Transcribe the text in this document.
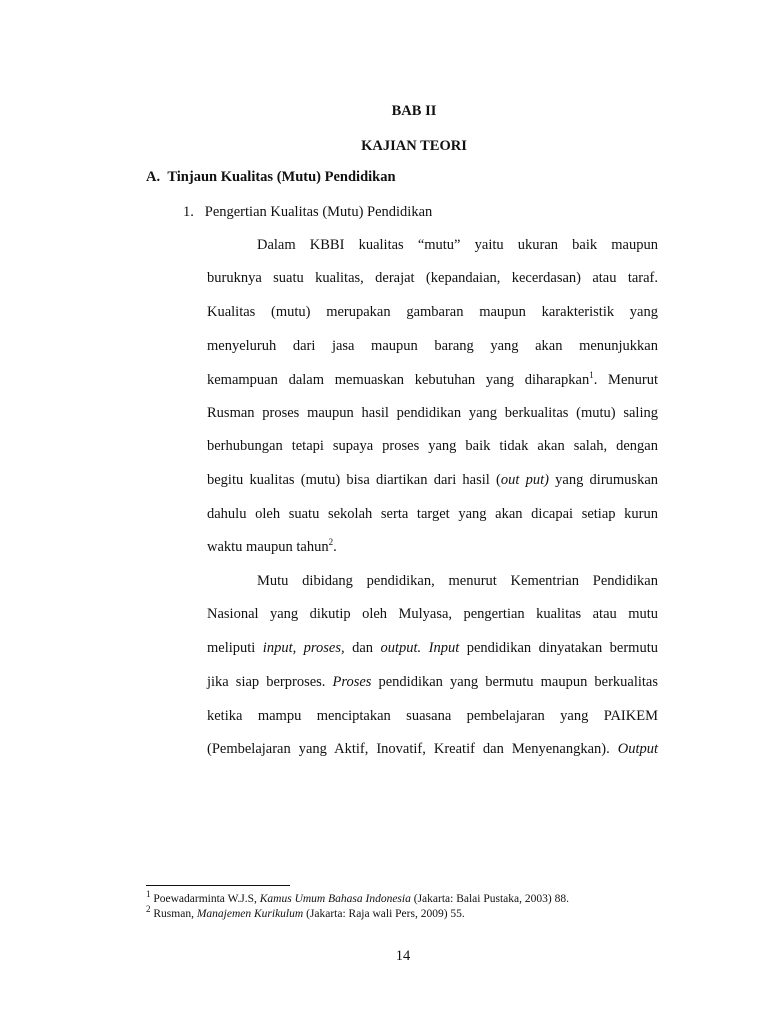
BAB II
KAJIAN TEORI
A. Tinjaun Kualitas (Mutu) Pendidikan
1. Pengertian Kualitas (Mutu) Pendidikan
Dalam KBBI kualitas “mutu” yaitu ukuran baik maupun
buruknya suatu kualitas, derajat (kepandaian, kecerdasan) atau taraf.
Kualitas (mutu) merupakan gambaran maupun karakteristik yang
menyeluruh dari jasa maupun barang yang akan menunjukkan
kemampuan dalam memuaskan kebutuhan yang diharapkan$^1$. Menurut
Rusman proses maupun hasil pendidikan yang berkualitas (mutu) saling
berhubungan tetapi supaya proses yang baik tidak akan salah, dengan
begitu kualitas (mutu) bisa diartikan dari hasil (out put) yang dirumuskan
dahulu oleh suatu sekolah serta target yang akan dicapai setiap kurun
waktu maupun tahun$^2$.
Mutu dibidang pendidikan, menurut Kementrian Pendidikan
Nasional yang dikutip oleh Mulyasa, pengertian kualitas atau mutu
meliputi input, proses, dan output. Input pendidikan dinyatakan bermutu
jika siap berproses. Proses pendidikan yang bermutu maupun berkualitas
ketika mampu menciptakan suasana pembelajaran yang PAIKEM
(Pembelajaran yang Aktif, Inovatif, Kreatif dan Menyenangkan). Output
$^1$ Poewadarminta W.J.S, Kamus Umum Bahasa Indonesia (Jakarta: Balai Pustaka, 2003) 88.
$^2$ Rusman, Manajemen Kurikulum (Jakarta: Raja wali Pers, 2009) 55.
14
